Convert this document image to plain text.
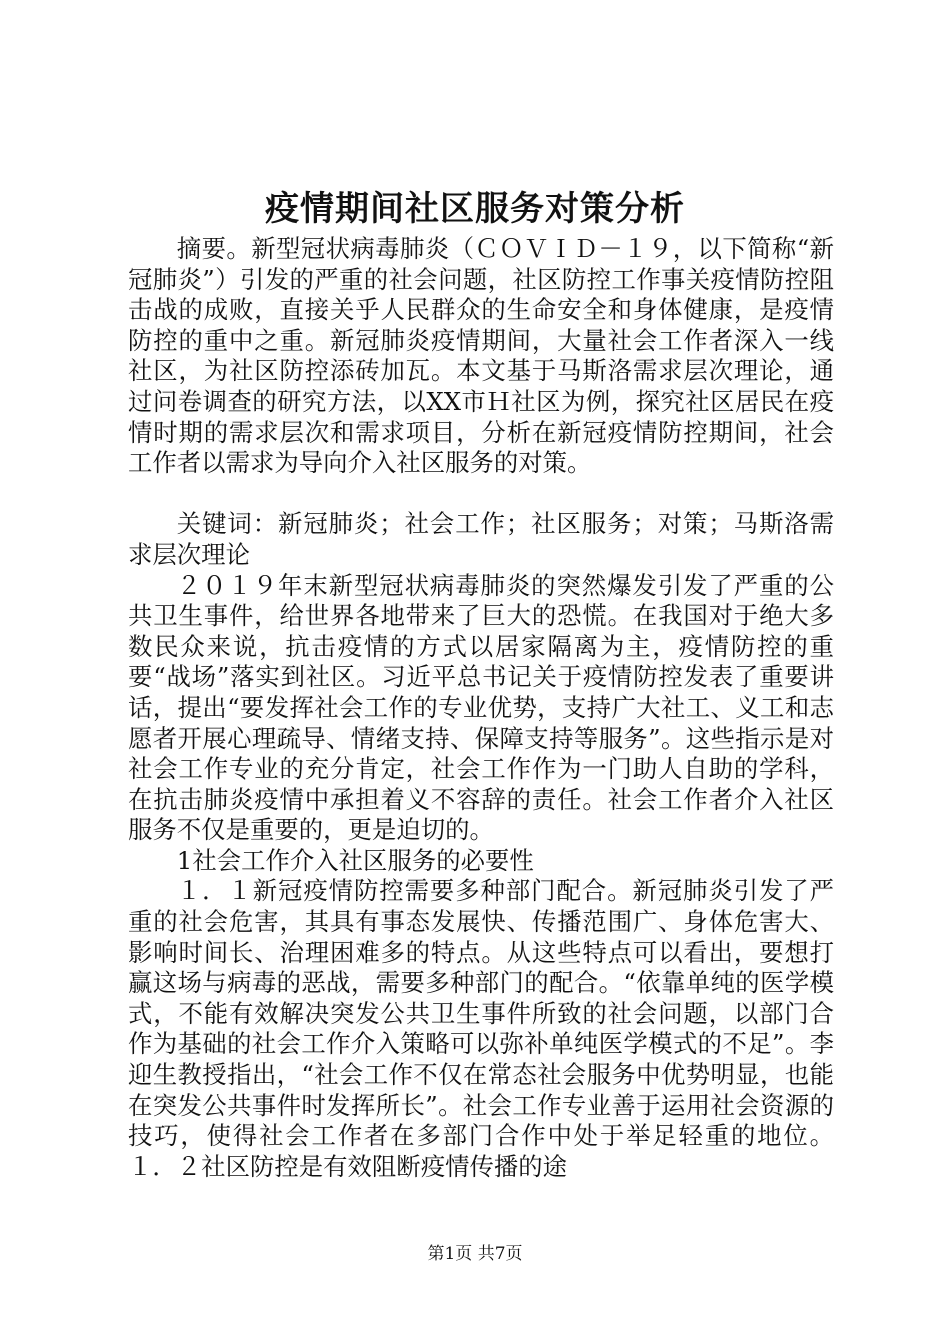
疫情期间社区服务对策分析

摘要。新型冠状病毒肺炎（ＣＯＶＩＤ－１９，以下简称“新冠肺炎”）引发的严重的社会问题，社区防控工作事关疫情防控阻击战的成败，直接关乎人民群众的生命安全和身体健康，是疫情防控的重中之重。新冠肺炎疫情期间，大量社会工作者深入一线社区，为社区防控添砖加瓦。本文基于马斯洛需求层次理论，通过问卷调查的研究方法，以XX市Ｈ社区为例，探究社区居民在疫情时期的需求层次和需求项目，分析在新冠疫情防控期间，社会工作者以需求为导向介入社区服务的对策。

关键词：新冠肺炎；社会工作；社区服务；对策；马斯洛需求层次理论

２０１９年末新型冠状病毒肺炎的突然爆发引发了严重的公共卫生事件，给世界各地带来了巨大的恐慌。在我国对于绝大多数民众来说，抗击疫情的方式以居家隔离为主，疫情防控的重要“战场”落实到社区。习近平总书记关于疫情防控发表了重要讲话，提出“要发挥社会工作的专业优势，支持广大社工、义工和志愿者开展心理疏导、情绪支持、保障支持等服务”。这些指示是对社会工作专业的充分肯定，社会工作作为一门助人自助的学科，在抗击肺炎疫情中承担着义不容辞的责任。社会工作者介入社区服务不仅是重要的，更是迫切的。

1社会工作介入社区服务的必要性

１．１新冠疫情防控需要多种部门配合。新冠肺炎引发了严重的社会危害，其具有事态发展快、传播范围广、身体危害大、影响时间长、治理困难多的特点。从这些特点可以看出，要想打赢这场与病毒的恶战，需要多种部门的配合。“依靠单纯的医学模式，不能有效解决突发公共卫生事件所致的社会问题，以部门合作为基础的社会工作介入策略可以弥补单纯医学模式的不足”。李迎生教授指出，“社会工作不仅在常态社会服务中优势明显，也能在突发公共事件时发挥所长”。社会工作专业善于运用社会资源的技巧，使得社会工作者在多部门合作中处于举足轻重的地位。１．２社区防控是有效阻断疫情传播的途

第1页 共7页
